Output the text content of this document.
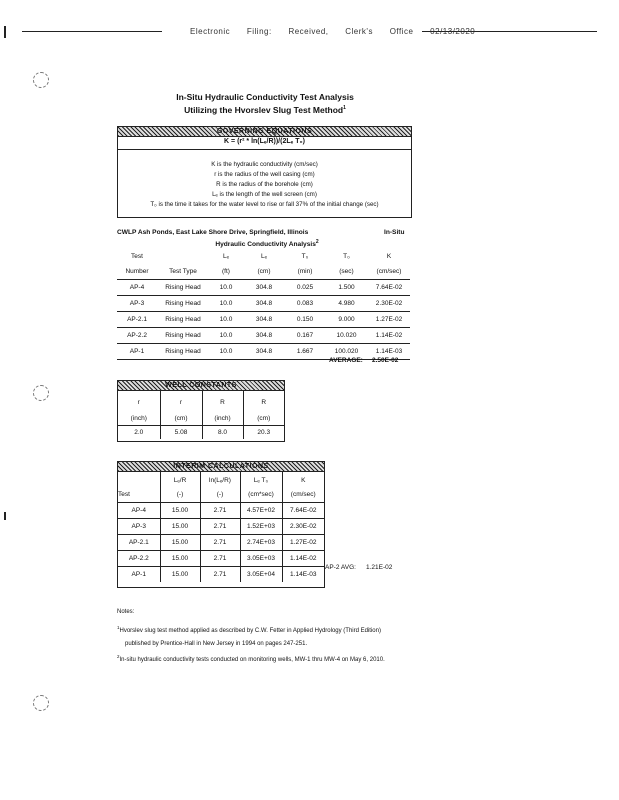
Electronic Filing: Received, Clerk's Office 02/13/2020
In-Situ Hydraulic Conductivity Test Analysis
Utilizing the Hvorslev Slug Test Method$^1$
GOVERNING EQUATIONS
K = (r² * ln(Lₑ/R))/(2Lₑ T₀)
K is the hydraulic conductivity (cm/sec)
r is the radius of the well casing (cm)
R is the radius of the borehole (cm)
Lₑ is the length of the well screen (cm)
T₀ is the time it takes for the water level to rise or fall 37% of the initial change (sec)
CWLP Ash Ponds, East Lake Shore Drive, Springfield, Illinois	In-Situ
Hydraulic Conductivity Analysis$^2$
Test		Lₑ	Lₑ	T₀	T₀	K
Number	Test Type	(ft)	(cm)	(min)	(sec)	(cm/sec)
AP-4	Rising Head	10.0	304.8	0.025	1.500	7.64E-02
AP-3	Rising Head	10.0	304.8	0.083	4.980	2.30E-02
AP-2.1	Rising Head	10.0	304.8	0.150	9.000	1.27E-02
AP-2.2	Rising Head	10.0	304.8	0.167	10.020	1.14E-02
AP-1	Rising Head	10.0	304.8	1.667	100.020	1.14E-03
AVERAGE: 2.50E-02
WELL CONSTANTS
r	r	R	R
(inch)	(cm)	(inch)	(cm)
2.0	5.08	8.0	20.3
INTERIM CALCULATIONS
	Lₑ/R	ln(Lₑ/R)	Lₑ T₀	K
Test	(-)	(-)	(cm*sec)	(cm/sec)
AP-4	15.00	2.71	4.57E+02	7.64E-02
AP-3	15.00	2.71	1.52E+03	2.30E-02
AP-2.1	15.00	2.71	2.74E+03	1.27E-02
AP-2.2	15.00	2.71	3.05E+03	1.14E-02
AP-1	15.00	2.71	3.05E+04	1.14E-03
AP-2 AVG: 1.21E-02
Notes:
$^1$Hvorslev slug test method applied as described by C.W. Fetter in Applied Hydrology (Third Edition)
published by Prentice-Hall in New Jersey in 1994 on pages 247-251.
$^2$In-situ hydraulic conductivity tests conducted on monitoring wells, MW-1 thru MW-4 on May 6, 2010.
